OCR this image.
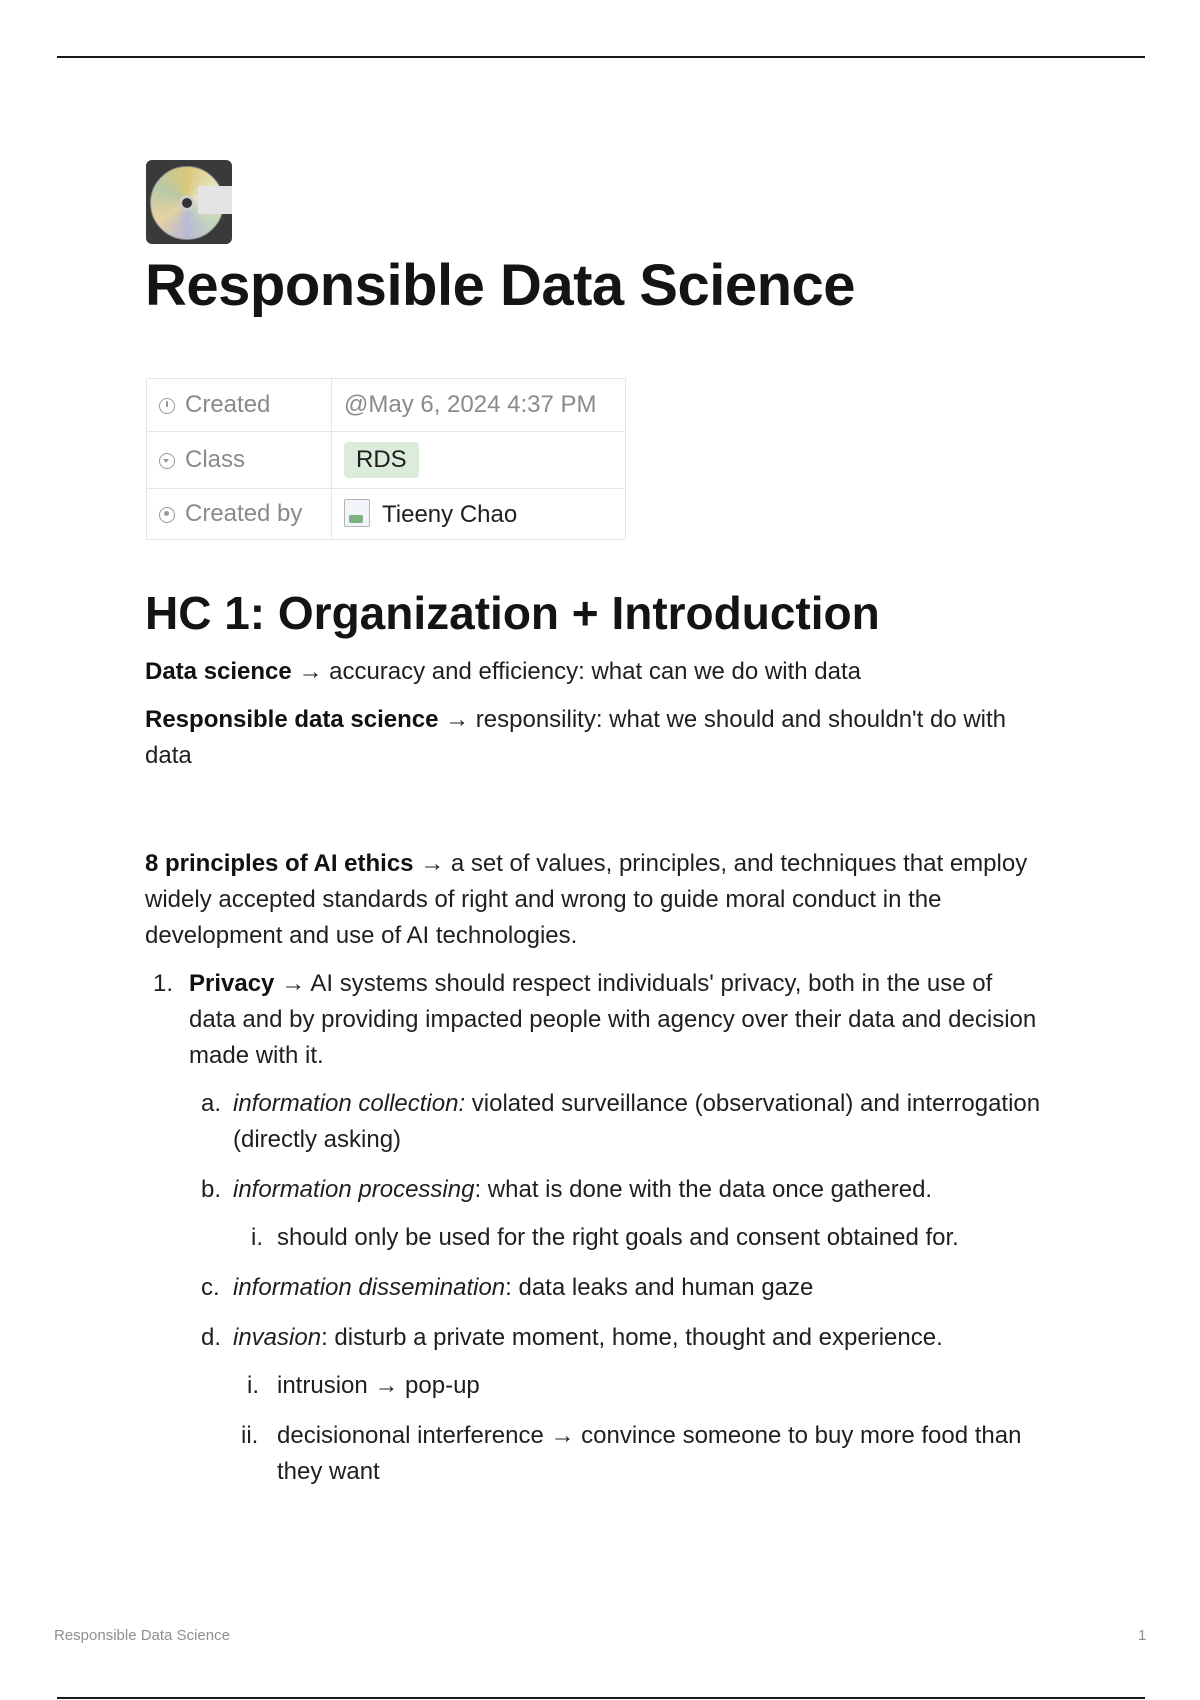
Responsible Data Science
Created	@May 6, 2024 4:37 PM
Class	RDS
Created by	Tieeny Chao
HC 1: Organization + Introduction

Data science → accuracy and efficiency: what can we do with data

Responsible data science → responsility: what we should and shouldn't do with data

8 principles of AI ethics → a set of values, principles, and techniques that employ widely accepted standards of right and wrong to guide moral conduct in the development and use of AI technologies.

1. Privacy → AI systems should respect individuals' privacy, both in the use of data and by providing impacted people with agency over their data and decision made with it.
a. information collection: violated surveillance (observational) and interrogation (directly asking)
b. information processing: what is done with the data once gathered.
i. should only be used for the right goals and consent obtained for.
c. information dissemination: data leaks and human gaze
d. invasion: disturb a private moment, home, thought and experience.
i. intrusion → pop-up
ii. decisiononal interference → convince someone to buy more food than they want
Responsible Data Science	1
